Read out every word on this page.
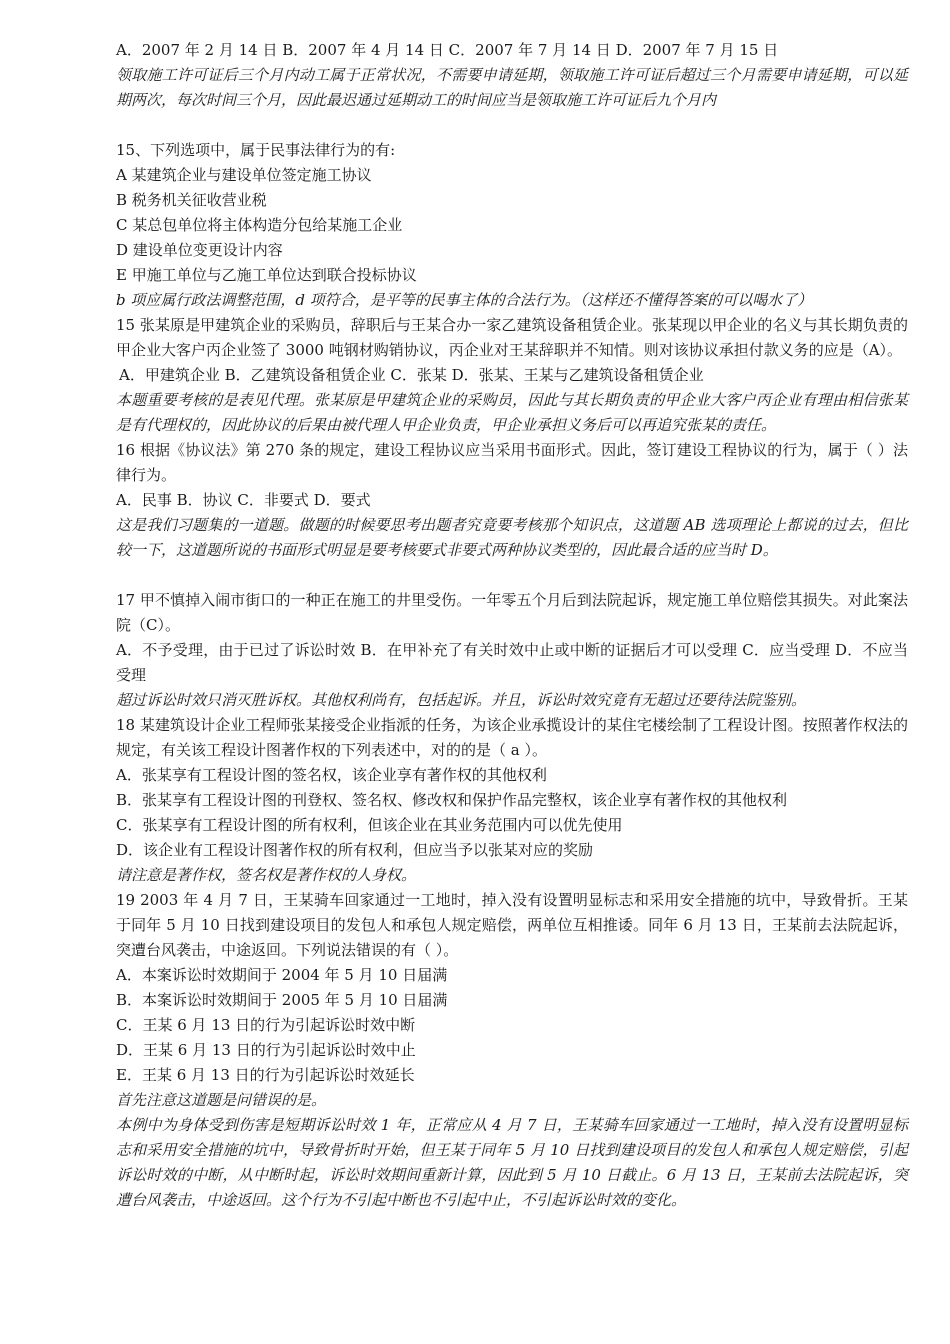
A．2007 年 2 月 14 日 B．2007 年 4 月 14 日 C．2007 年 7 月 14 日 D．2007 年 7 月 15 日
领取施工许可证后三个月内动工属于正常状况，不需要申请延期，领取施工许可证后超过三个月需要申请延期，可以延期两次，每次时间三个月，因此最迟通过延期动工的时间应当是领取施工许可证后九个月内
15、下列选项中，属于民事法律行为的有:
A 某建筑企业与建设单位签定施工协议
B 税务机关征收营业税
C 某总包单位将主体构造分包给某施工企业
D 建设单位变更设计内容
E 甲施工单位与乙施工单位达到联合投标协议
b 项应属行政法调整范围，d 项符合，是平等的民事主体的合法行为。（这样还不懂得答案的可以喝水了）
15 张某原是甲建筑企业的采购员，辞职后与王某合办一家乙建筑设备租赁企业。张某现以甲企业的名义与其长期负责的甲企业大客户丙企业签了 3000 吨钢材购销协议，丙企业对王某辞职并不知情。则对该协议承担付款义务的应是（A）。
A．甲建筑企业 B．乙建筑设备租赁企业 C．张某 D．张某、王某与乙建筑设备租赁企业
本题重要考核的是表见代理。张某原是甲建筑企业的采购员，因此与其长期负责的甲企业大客户丙企业有理由相信张某是有代理权的，因此协议的后果由被代理人甲企业负责，甲企业承担义务后可以再追究张某的责任。
16 根据《协议法》第 270 条的规定，建设工程协议应当采用书面形式。因此，签订建设工程协议的行为，属于（ ）法律行为。
A．民事 B．协议 C．非要式 D．要式
这是我们习题集的一道题。做题的时候要思考出题者究竟要考核那个知识点，这道题 AB 选项理论上都说的过去，但比较一下，这道题所说的书面形式明显是要考核要式非要式两种协议类型的，因此最合适的应当时 D。
17 甲不慎掉入闹市街口的一种正在施工的井里受伤。一年零五个月后到法院起诉，规定施工单位赔偿其损失。对此案法院（C）。
A．不予受理，由于已过了诉讼时效 B．在甲补充了有关时效中止或中断的证据后才可以受理 C．应当受理 D．不应当受理
超过诉讼时效只消灭胜诉权。其他权利尚有，包括起诉。并且，诉讼时效究竟有无超过还要待法院鉴别。
18 某建筑设计企业工程师张某接受企业指派的任务，为该企业承揽设计的某住宅楼绘制了工程设计图。按照著作权法的规定，有关该工程设计图著作权的下列表述中，对的的是（ a ）。
A．张某享有工程设计图的签名权，该企业享有著作权的其他权利
B．张某享有工程设计图的刊登权、签名权、修改权和保护作品完整权，该企业享有著作权的其他权利
C．张某享有工程设计图的所有权利，但该企业在其业务范围内可以优先使用
D．该企业有工程设计图著作权的所有权利，但应当予以张某对应的奖励
请注意是著作权，签名权是著作权的人身权。
19 2003 年 4 月 7 日，王某骑车回家通过一工地时，掉入没有设置明显标志和采用安全措施的坑中，导致骨折。王某于同年 5 月 10 日找到建设项目的发包人和承包人规定赔偿，两单位互相推诿。同年 6 月 13 日，王某前去法院起诉，突遭台风袭击，中途返回。下列说法错误的有（ ）。
A．本案诉讼时效期间于 2004 年 5 月 10 日届满
B．本案诉讼时效期间于 2005 年 5 月 10 日届满
C．王某 6 月 13 日的行为引起诉讼时效中断
D．王某 6 月 13 日的行为引起诉讼时效中止
E．王某 6 月 13 日的行为引起诉讼时效延长
首先注意这道题是问错误的是。
本例中为身体受到伤害是短期诉讼时效 1 年，正常应从 4 月 7 日，王某骑车回家通过一工地时，掉入没有设置明显标志和采用安全措施的坑中，导致骨折时开始，但王某于同年 5 月 10 日找到建设项目的发包人和承包人规定赔偿，引起诉讼时效的中断，从中断时起，诉讼时效期间重新计算，因此到 5 月 10 日截止。6 月 13 日，王某前去法院起诉，突遭台风袭击，中途返回。这个行为不引起中断也不引起中止，不引起诉讼时效的变化。
